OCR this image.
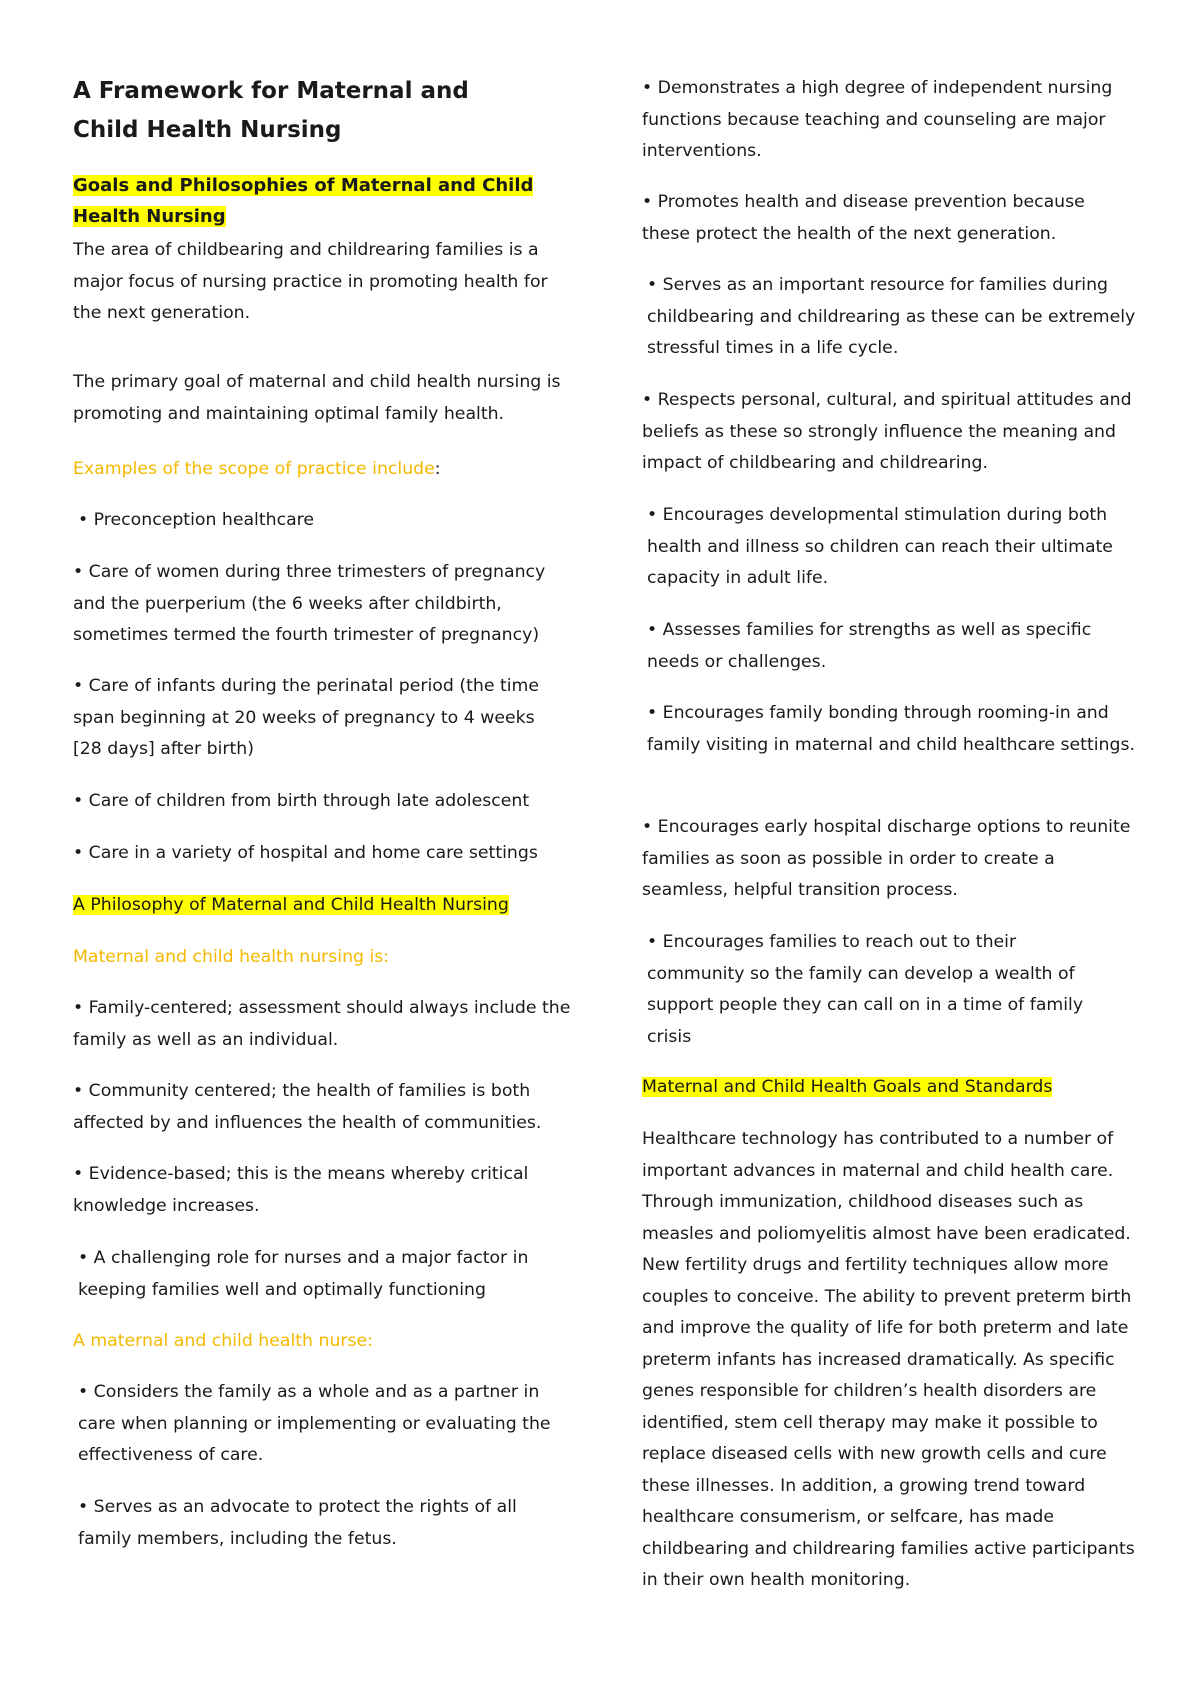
A Framework for Maternal and Child Health Nursing
Goals and Philosophies of Maternal and Child Health Nursing

The area of childbearing and childrearing families is a major focus of nursing practice in promoting health for the next generation.

The primary goal of maternal and child health nursing is promoting and maintaining optimal family health.

Examples of the scope of practice include:

• Preconception healthcare

• Care of women during three trimesters of pregnancy and the puerperium (the 6 weeks after childbirth, sometimes termed the fourth trimester of pregnancy)

• Care of infants during the perinatal period (the time span beginning at 20 weeks of pregnancy to 4 weeks [28 days] after birth)

• Care of children from birth through late adolescent

• Care in a variety of hospital and home care settings

A Philosophy of Maternal and Child Health Nursing

Maternal and child health nursing is:

• Family-centered; assessment should always include the family as well as an individual.

• Community centered; the health of families is both affected by and influences the health of communities.

• Evidence-based; this is the means whereby critical knowledge increases.

• A challenging role for nurses and a major factor in keeping families well and optimally functioning

A maternal and child health nurse:

• Considers the family as a whole and as a partner in care when planning or implementing or evaluating the effectiveness of care.

• Serves as an advocate to protect the rights of all family members, including the fetus.

• Demonstrates a high degree of independent nursing functions because teaching and counseling are major interventions.

• Promotes health and disease prevention because these protect the health of the next generation.

• Serves as an important resource for families during childbearing and childrearing as these can be extremely stressful times in a life cycle.

• Respects personal, cultural, and spiritual attitudes and beliefs as these so strongly influence the meaning and impact of childbearing and childrearing.

• Encourages developmental stimulation during both health and illness so children can reach their ultimate capacity in adult life.

• Assesses families for strengths as well as specific needs or challenges.

• Encourages family bonding through rooming-in and family visiting in maternal and child healthcare settings.

• Encourages early hospital discharge options to reunite families as soon as possible in order to create a seamless, helpful transition process.

• Encourages families to reach out to their community so the family can develop a wealth of support people they can call on in a time of family crisis

Maternal and Child Health Goals and Standards

Healthcare technology has contributed to a number of important advances in maternal and child health care. Through immunization, childhood diseases such as measles and poliomyelitis almost have been eradicated. New fertility drugs and fertility techniques allow more couples to conceive. The ability to prevent preterm birth and improve the quality of life for both preterm and late preterm infants has increased dramatically. As specific genes responsible for children’s health disorders are identified, stem cell therapy may make it possible to replace diseased cells with new growth cells and cure these illnesses. In addition, a growing trend toward healthcare consumerism, or selfcare, has made childbearing and childrearing families active participants in their own health monitoring.
